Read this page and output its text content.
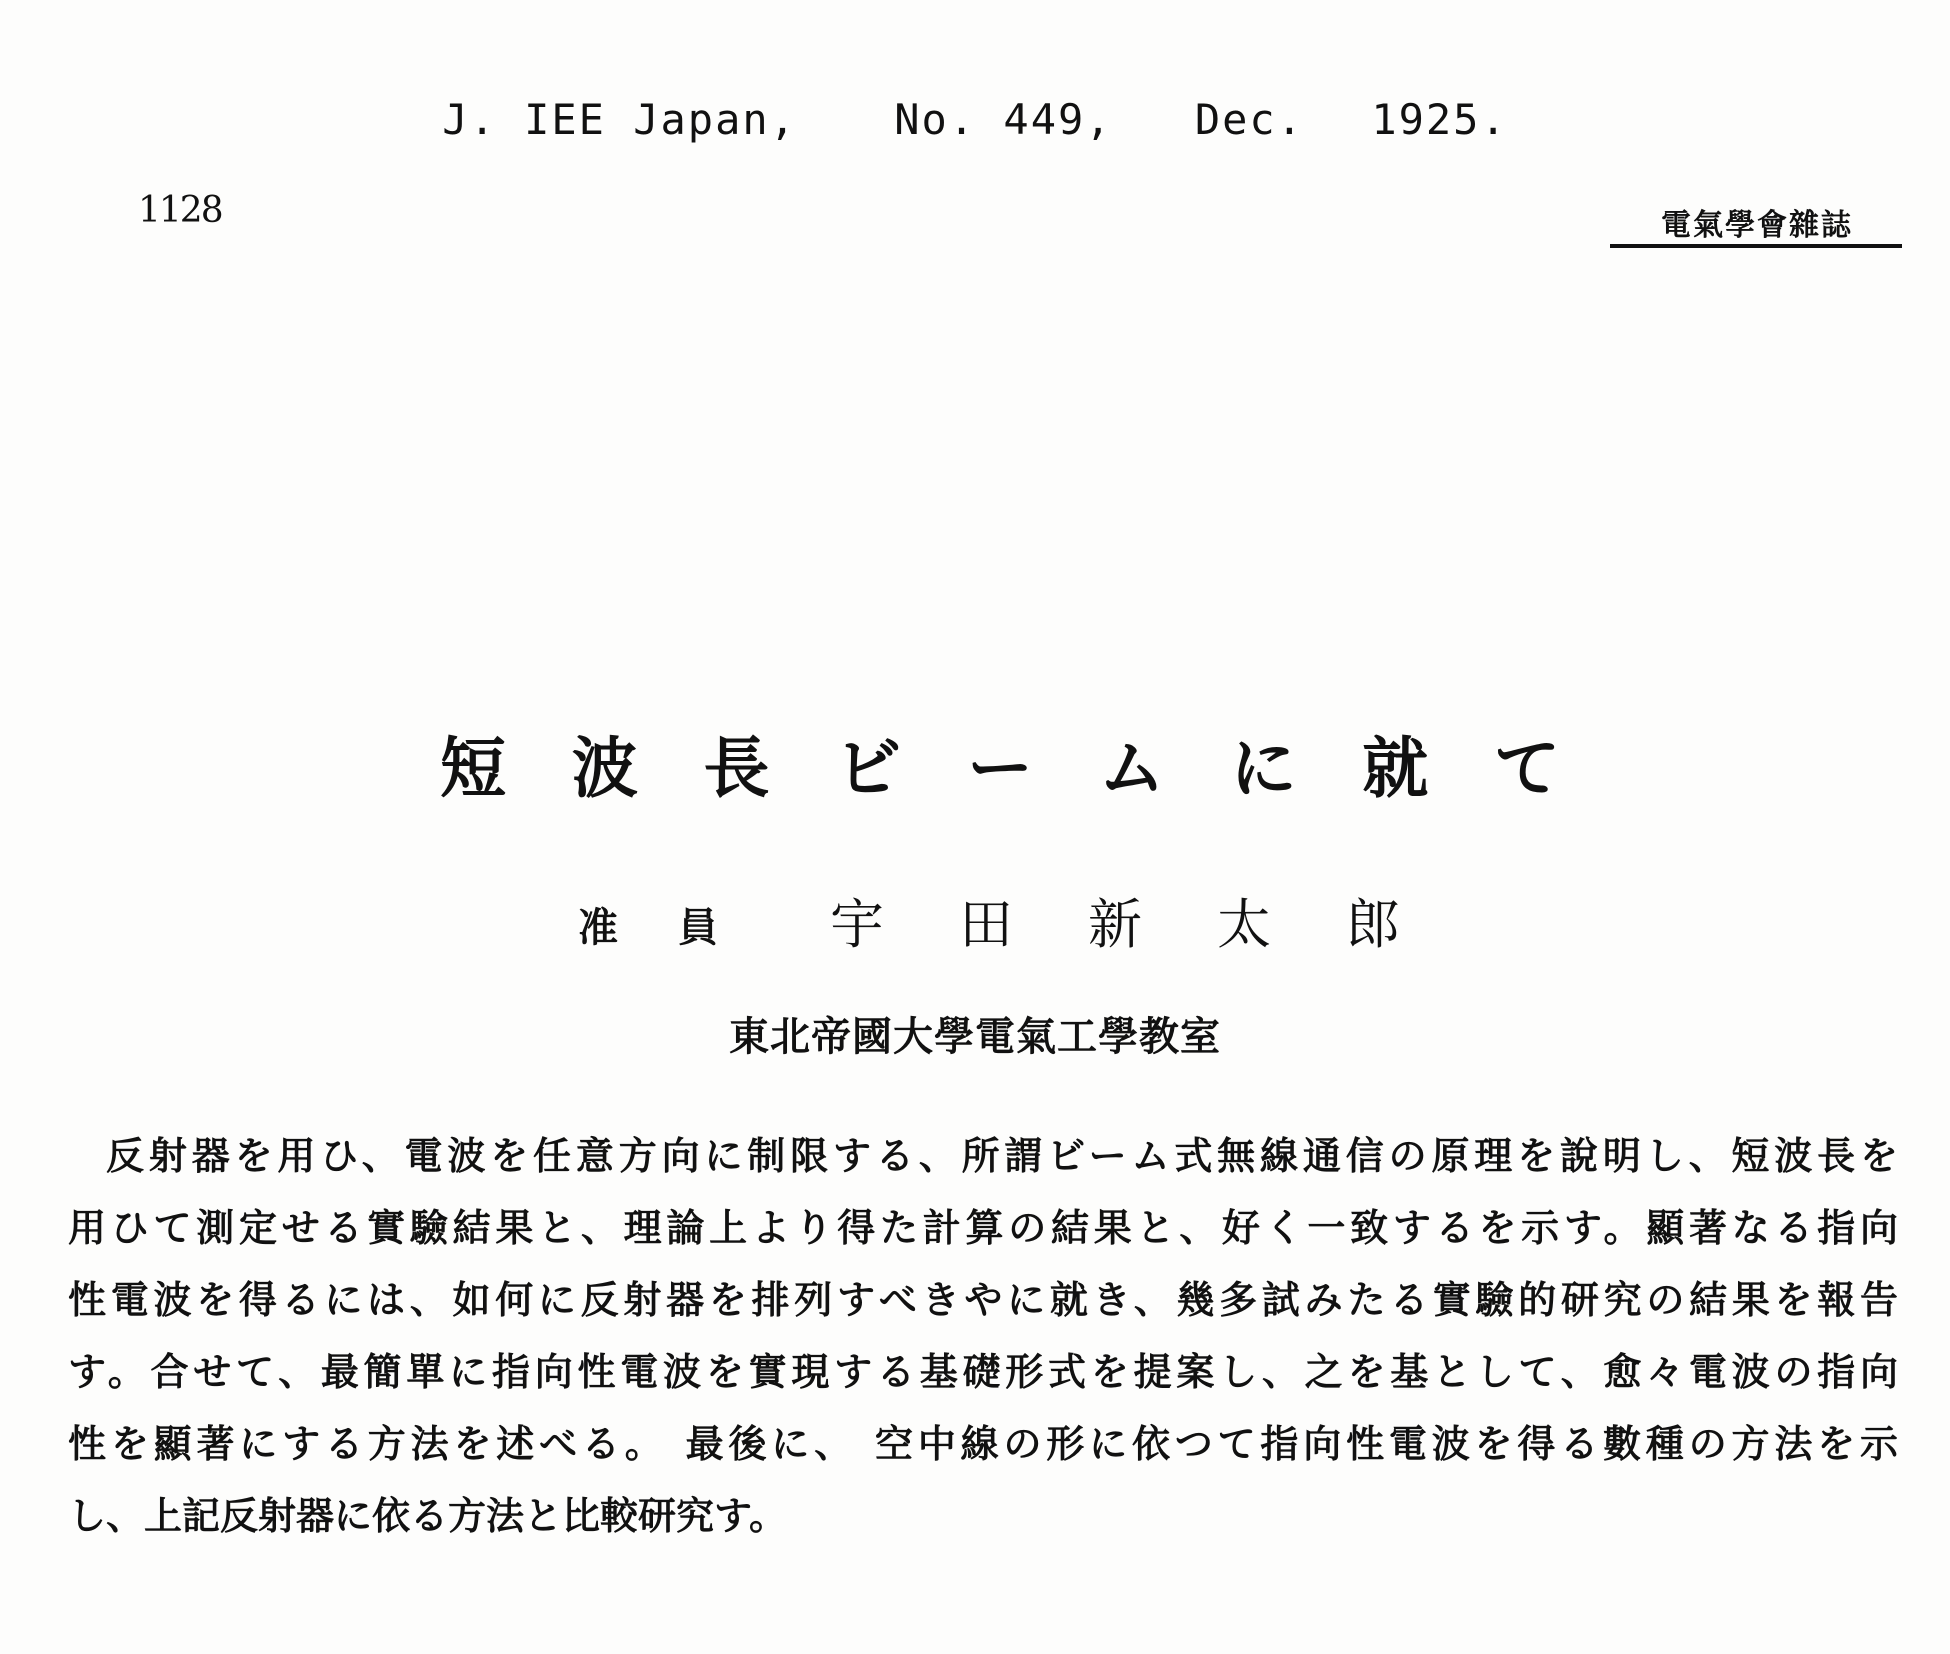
J. IEE Japan, No. 449, Dec. 1925.
1128	電氣學會雜誌
短 波 長 ビ ー ム に 就 て
准 員 宇 田 新 太 郎
東北帝國大學電氣工學教室
反射器を用ひ、電波を任意方向に制限する、所謂ビーム式無線通信の原理を說明し、短波長を
用ひて測定せる實驗結果と、理論上より得た計算の結果と、好く一致するを示す。顯著なる指向
性電波を得るには、如何に反射器を排列すべきやに就き、幾多試みたる實驗的研究の結果を報告
す。合せて、最簡單に指向性電波を實現する基礎形式を提案し、之を基として、愈々電波の指向
性を顯著にする方法を述べる。 最後に、 空中線の形に依つて指向性電波を得る數種の方法を示
し、上記反射器に依る方法と比較研究す。
